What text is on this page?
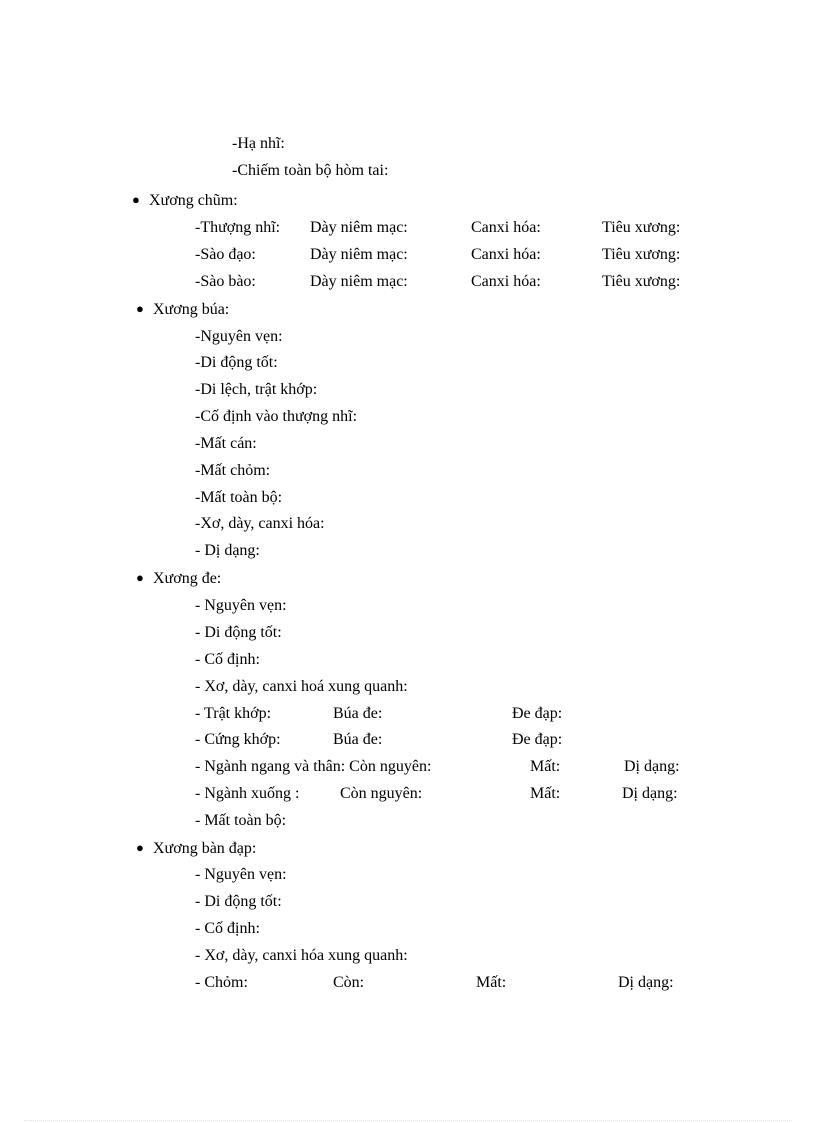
-Hạ nhĩ:
-Chiếm toàn bộ hòm tai:
● Xương chũm:
-Thượng nhĩ: Dày niêm mạc:	Canxi hóa:	Tiêu xương:
-Sào đạo:	Dày niêm mạc:	Canxi hóa:	Tiêu xương:
-Sào bào:	Dày niêm mạc:	Canxi hóa:	Tiêu xương:
● Xương búa:
-Nguyên vẹn:
-Di động tốt:
-Di lệch, trật khớp:
-Cố định vào thượng nhĩ:
-Mất cán:
-Mất chỏm:
-Mất toàn bộ:
-Xơ, dày, canxi hóa:
- Dị dạng:
● Xương đe:
- Nguyên vẹn:
- Di động tốt:
- Cố định:
- Xơ, dày, canxi hoá xung quanh:
- Trật khớp:	Búa đe:	Đe đạp:
- Cứng khớp:	Búa đe:	Đe đạp:
- Ngành ngang và thân: Còn nguyên:	Mất:	Dị dạng:
- Ngành xuống :	Còn nguyên:	Mất:	Dị dạng:
- Mất toàn bộ:
● Xương bàn đạp:
- Nguyên vẹn:
- Di động tốt:
- Cố định:
- Xơ, dày, canxi hóa xung quanh:
- Chỏm:	Còn:	Mất:	Dị dạng:
